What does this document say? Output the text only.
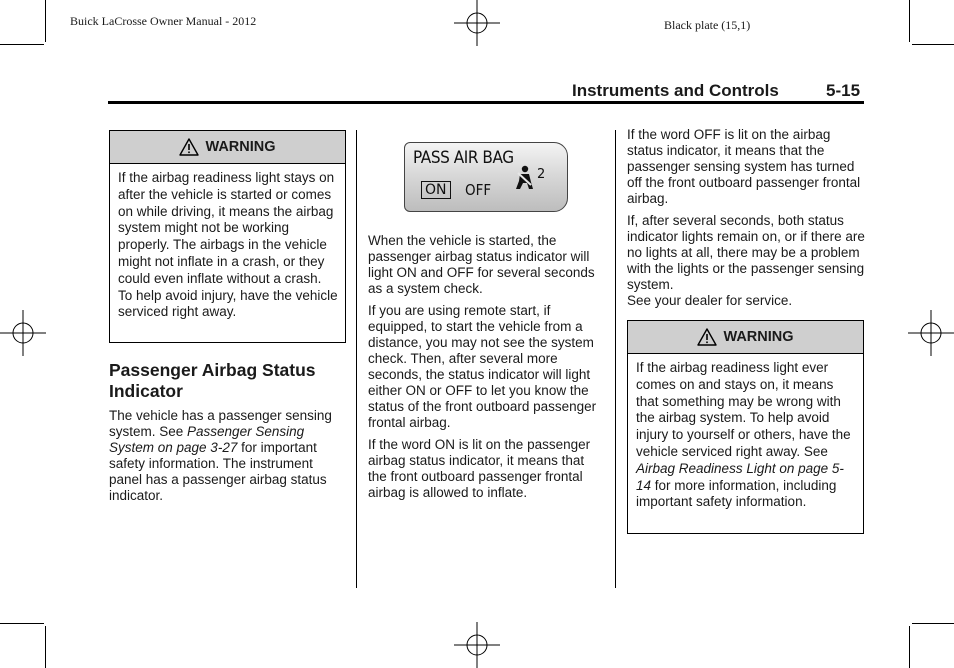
Buick LaCrosse Owner Manual - 2012	Black plate (15,1)
Instruments and Controls	5-15
WARNING
If the airbag readiness light stays on after the vehicle is started or comes on while driving, it means the airbag system might not be working properly. The airbags in the vehicle might not inflate in a crash, or they could even inflate without a crash. To help avoid injury, have the vehicle serviced right away.
Passenger Airbag Status Indicator
The vehicle has a passenger sensing system. See Passenger Sensing System on page 3-27 for important safety information. The instrument panel has a passenger airbag status indicator.
PASS AIR BAG
ON OFF
2

When the vehicle is started, the passenger airbag status indicator will light ON and OFF for several seconds as a system check.

If you are using remote start, if equipped, to start the vehicle from a distance, you may not see the system check. Then, after several more seconds, the status indicator will light either ON or OFF to let you know the status of the front outboard passenger frontal airbag.

If the word ON is lit on the passenger airbag status indicator, it means that the front outboard passenger frontal airbag is allowed to inflate.

If the word OFF is lit on the airbag status indicator, it means that the passenger sensing system has turned off the front outboard passenger frontal airbag.

If, after several seconds, both status indicator lights remain on, or if there are no lights at all, there may be a problem with the lights or the passenger sensing system.
See your dealer for service.

WARNING
If the airbag readiness light ever comes on and stays on, it means that something may be wrong with the airbag system. To help avoid injury to yourself or others, have the vehicle serviced right away. See Airbag Readiness Light on page 5-14 for more information, including important safety information.
